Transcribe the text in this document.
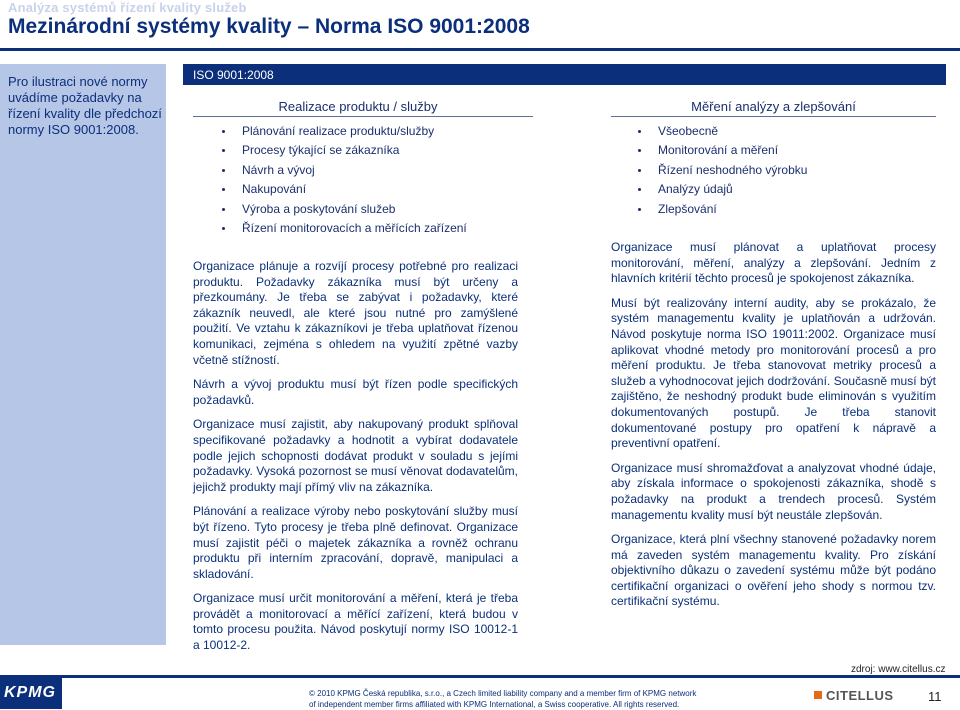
Analýza systémů řízení kvality služeb
Mezinárodní systémy kvality – Norma ISO 9001:2008
Pro ilustraci nové normy uvádíme požadavky na řízení kvality dle předchozí normy ISO 9001:2008.
ISO 9001:2008
Realizace produktu / služby
Plánování realizace produktu/služby
Procesy týkající se zákazníka
Návrh a vývoj
Nakupování
Výroba a poskytování služeb
Řízení monitorovacích a měřících zařízení

Organizace plánuje a rozvíjí procesy potřebné pro realizaci produktu. Požadavky zákazníka musí být určeny a přezkoumány. Je třeba se zabývat i požadavky, které zákazník neuvedl, ale které jsou nutné pro zamýšlené použití. Ve vztahu k zákazníkovi je třeba uplatňovat řízenou komunikaci, zejména s ohledem na využití zpětné vazby včetně stížností.

Návrh a vývoj produktu musí být řízen podle specifických požadavků.

Organizace musí zajistit, aby nakupovaný produkt splňoval specifikované požadavky a hodnotit a vybírat dodavatele podle jejich schopnosti dodávat produkt v souladu s jejími požadavky. Vysoká pozornost se musí věnovat dodavatelům, jejichž produkty mají přímý vliv na zákazníka.

Plánování a realizace výroby nebo poskytování služby musí být řízeno. Tyto procesy je třeba plně definovat. Organizace musí zajistit péči o majetek zákazníka a rovněž ochranu produktu při interním zpracování, dopravě, manipulaci a skladování.

Organizace musí určit monitorování a měření, která je třeba provádět a monitorovací a měřící zařízení, která budou v tomto procesu použita. Návod poskytují normy ISO 10012-1 a 10012-2.

Měření analýzy a zlepšování
Všeobecně
Monitorování a měření
Řízení neshodného výrobku
Analýzy údajů
Zlepšování

Organizace musí plánovat a uplatňovat procesy monitorování, měření, analýzy a zlepšování. Jedním z hlavních kritérií těchto procesů je spokojenost zákazníka.

Musí být realizovány interní audity, aby se prokázalo, že systém managementu kvality je uplatňován a udržován. Návod poskytuje norma ISO 19011:2002. Organizace musí aplikovat vhodné metody pro monitorování procesů a pro měření produktu. Je třeba stanovovat metriky procesů a služeb a vyhodnocovat jejich dodržování. Současně musí být zajištěno, že neshodný produkt bude eliminován s využitím dokumentovaných postupů. Je třeba stanovit dokumentované postupy pro opatření k nápravě a preventivní opatření.

Organizace musí shromažďovat a analyzovat vhodné údaje, aby získala informace o spokojenosti zákazníka, shodě s požadavky na produkt a trendech procesů. Systém managementu kvality musí být neustále zlepšován.

Organizace, která plní všechny stanovené požadavky norem má zaveden systém managementu kvality. Pro získání objektivního důkazu o zavedení systému může být podáno certifikační organizaci o ověření jeho shody s normou tzv. certifikační systému.

zdroj: www.citellus.cz
KPMG	© 2010 KPMG Česká republika, s.r.o., a Czech limited liability company and a member firm of KPMG network
of independent member firms affiliated with KPMG International, a Swiss cooperative. All rights reserved.
CITELLUS	11
